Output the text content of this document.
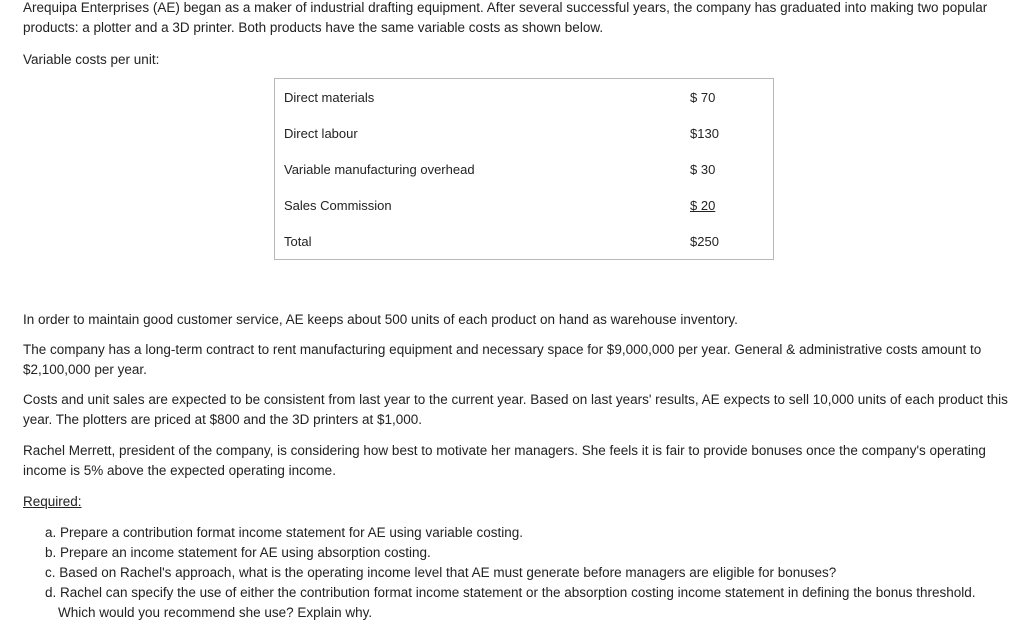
Arequipa Enterprises (AE) began as a maker of industrial drafting equipment. After several successful years, the company has graduated into making two popular products: a plotter and a 3D printer. Both products have the same variable costs as shown below.

Variable costs per unit:

Direct materials	$ 70
Direct labour	$130
Variable manufacturing overhead	$ 30
Sales Commission	$ 20
Total	$250

In order to maintain good customer service, AE keeps about 500 units of each product on hand as warehouse inventory.

The company has a long-term contract to rent manufacturing equipment and necessary space for $9,000,000 per year. General & administrative costs amount to $2,100,000 per year.

Costs and unit sales are expected to be consistent from last year to the current year. Based on last years' results, AE expects to sell 10,000 units of each product this year. The plotters are priced at $800 and the 3D printers at $1,000.

Rachel Merrett, president of the company, is considering how best to motivate her managers. She feels it is fair to provide bonuses once the company's operating income is 5% above the expected operating income.

Required:

a. Prepare a contribution format income statement for AE using variable costing.
b. Prepare an income statement for AE using absorption costing.
c. Based on Rachel's approach, what is the operating income level that AE must generate before managers are eligible for bonuses?
d. Rachel can specify the use of either the contribution format income statement or the absorption costing income statement in defining the bonus threshold. Which would you recommend she use? Explain why.
